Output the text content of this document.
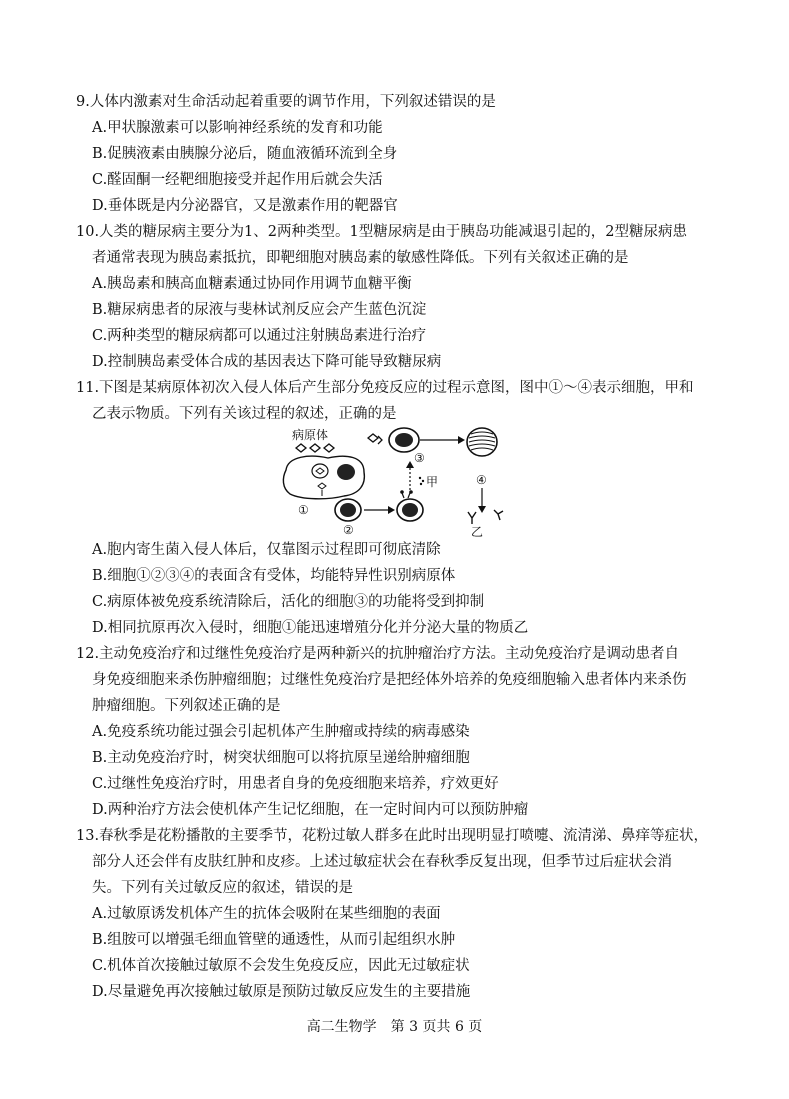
9.人体内激素对生命活动起着重要的调节作用，下列叙述错误的是
A.甲状腺激素可以影响神经系统的发育和功能
B.促胰液素由胰腺分泌后，随血液循环流到全身
C.醛固酮一经靶细胞接受并起作用后就会失活
D.垂体既是内分泌器官，又是激素作用的靶器官
10.人类的糖尿病主要分为1、2两种类型。1型糖尿病是由于胰岛功能减退引起的，2型糖尿病患
者通常表现为胰岛素抵抗，即靶细胞对胰岛素的敏感性降低。下列有关叙述正确的是
A.胰岛素和胰高血糖素通过协同作用调节血糖平衡
B.糖尿病患者的尿液与斐林试剂反应会产生蓝色沉淀
C.两种类型的糖尿病都可以通过注射胰岛素进行治疗
D.控制胰岛素受体合成的基因表达下降可能导致糖尿病
11.下图是某病原体初次入侵人体后产生部分免疫反应的过程示意图，图中①～④表示细胞，甲和
乙表示物质。下列有关该过程的叙述，正确的是
病原体
①
②
甲
③
④
乙
A.胞内寄生菌入侵人体后，仅靠图示过程即可彻底清除
B.细胞①②③④的表面含有受体，均能特异性识别病原体
C.病原体被免疫系统清除后，活化的细胞③的功能将受到抑制
D.相同抗原再次入侵时，细胞①能迅速增殖分化并分泌大量的物质乙
12.主动免疫治疗和过继性免疫治疗是两种新兴的抗肿瘤治疗方法。主动免疫治疗是调动患者自
身免疫细胞来杀伤肿瘤细胞；过继性免疫治疗是把经体外培养的免疫细胞输入患者体内来杀伤
肿瘤细胞。下列叙述正确的是
A.免疫系统功能过强会引起机体产生肿瘤或持续的病毒感染
B.主动免疫治疗时，树突状细胞可以将抗原呈递给肿瘤细胞
C.过继性免疫治疗时，用患者自身的免疫细胞来培养，疗效更好
D.两种治疗方法会使机体产生记忆细胞，在一定时间内可以预防肿瘤
13.春秋季是花粉播散的主要季节，花粉过敏人群多在此时出现明显打喷嚏、流清涕、鼻痒等症状，
部分人还会伴有皮肤红肿和皮疹。上述过敏症状会在春秋季反复出现，但季节过后症状会消
失。下列有关过敏反应的叙述，错误的是
A.过敏原诱发机体产生的抗体会吸附在某些细胞的表面
B.组胺可以增强毛细血管壁的通透性，从而引起组织水肿
C.机体首次接触过敏原不会发生免疫反应，因此无过敏症状
D.尽量避免再次接触过敏原是预防过敏反应发生的主要措施
高二生物学　第 3 页共 6 页
